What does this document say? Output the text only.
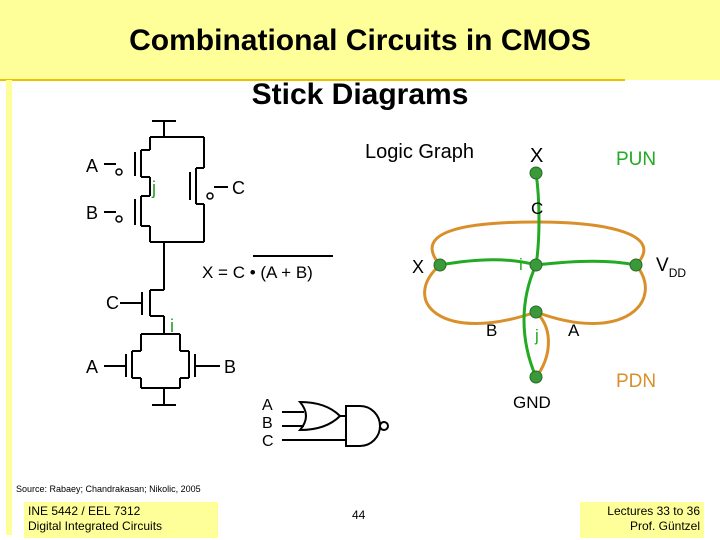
Combinational Circuits in CMOS
Stick Diagrams
A
B
C
j
C
i
A	B
X = C • (A + B)
A
B
C
Logic Graph	X	PUN
C
X	i	$V_{DD}$
B j A
GND
PDN
Source: Rabaey; Chandrakasan; Nikolic, 2005
INE 5442 / EEL 7312
Digital Integrated Circuits
44	Lectures 33 to 36
Prof. Güntzel
